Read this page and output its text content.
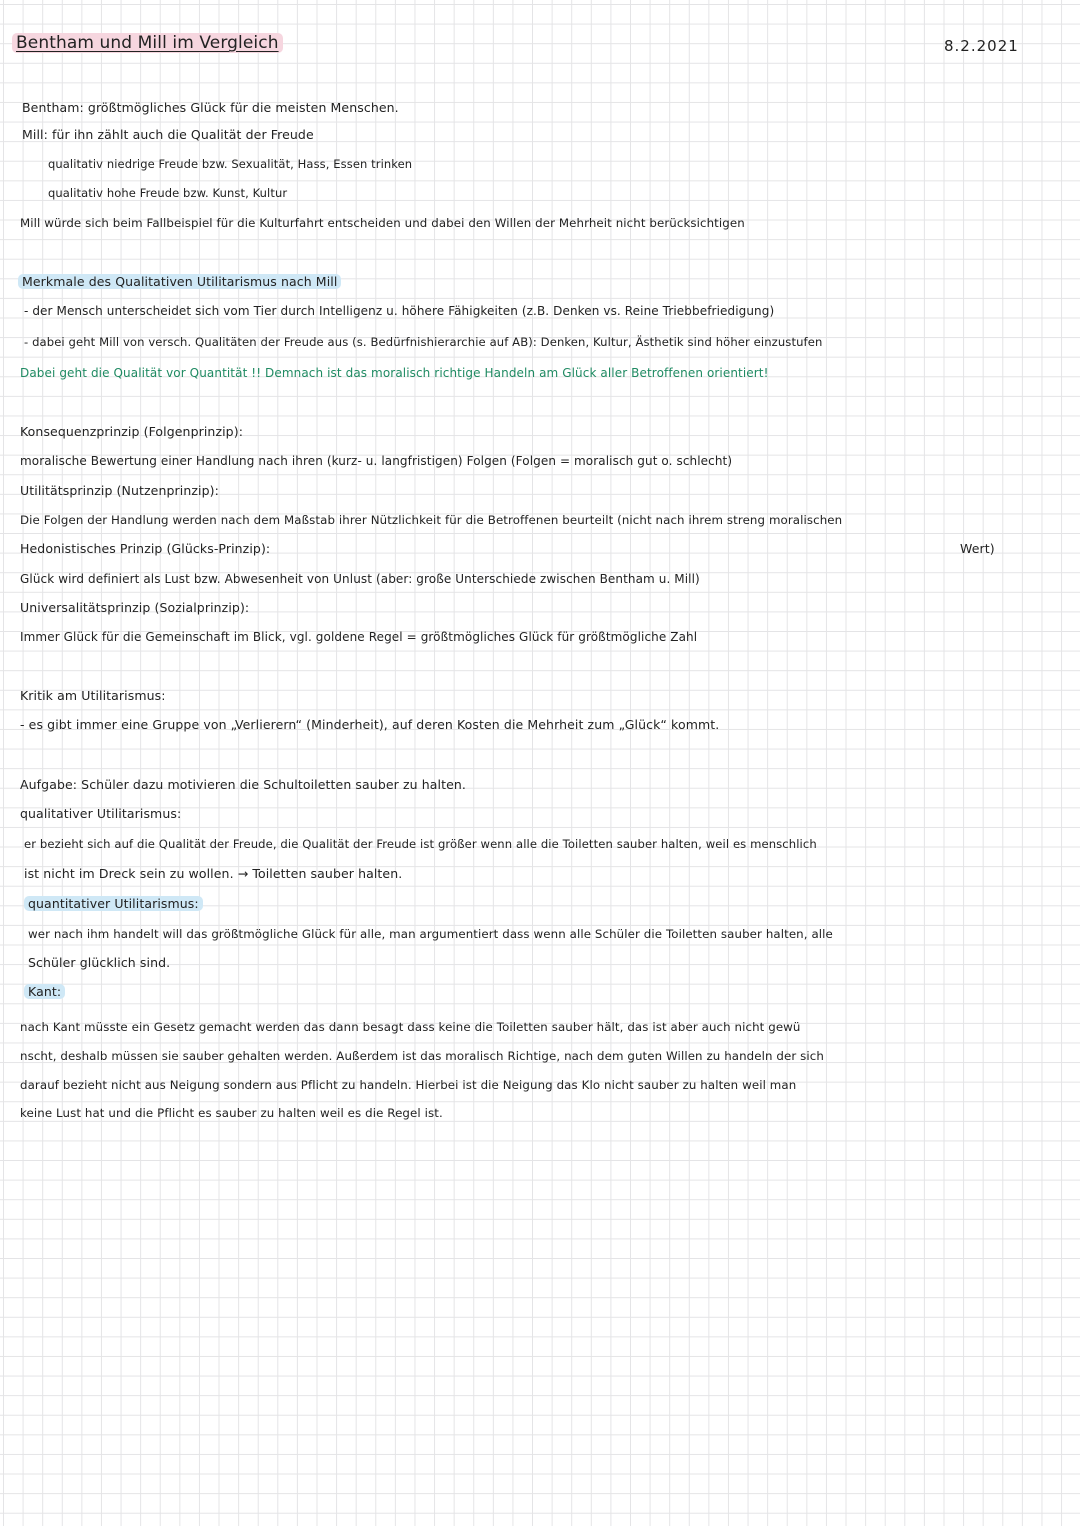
Bentham und Mill im Vergleich	8.2.2021
Bentham: größtmögliches Glück für die meisten Menschen.
Mill: für ihn zählt auch die Qualität der Freude
qualitativ niedrige Freude bzw. Sexualität, Hass, Essen trinken
qualitativ hohe Freude bzw. Kunst, Kultur
Mill würde sich beim Fallbeispiel für die Kulturfahrt entscheiden und dabei den Willen der Mehrheit nicht berücksichtigen
Merkmale des Qualitativen Utilitarismus nach Mill
- der Mensch unterscheidet sich vom Tier durch Intelligenz u. höhere Fähigkeiten (z.B. Denken vs. Reine Triebbefriedigung)
- dabei geht Mill von versch. Qualitäten der Freude aus (s. Bedürfnishierarchie auf AB): Denken, Kultur, Ästhetik sind höher einzustufen
Dabei geht die Qualität vor Quantität !! Demnach ist das moralisch richtige Handeln am Glück aller Betroffenen orientiert!
Konsequenzprinzip (Folgenprinzip):
moralische Bewertung einer Handlung nach ihren (kurz- u. langfristigen) Folgen (Folgen = moralisch gut o. schlecht)
Utilitätsprinzip (Nutzenprinzip):
Die Folgen der Handlung werden nach dem Maßstab ihrer Nützlichkeit für die Betroffenen beurteilt (nicht nach ihrem streng moralischen
Wert)
Hedonistisches Prinzip (Glücks-Prinzip):
Glück wird definiert als Lust bzw. Abwesenheit von Unlust (aber: große Unterschiede zwischen Bentham u. Mill)
Universalitätsprinzip (Sozialprinzip):
Immer Glück für die Gemeinschaft im Blick, vgl. goldene Regel = größtmögliches Glück für größtmögliche Zahl
Kritik am Utilitarismus:
- es gibt immer eine Gruppe von „Verlierern“ (Minderheit), auf deren Kosten die Mehrheit zum „Glück“ kommt.
Aufgabe: Schüler dazu motivieren die Schultoiletten sauber zu halten.
qualitativer Utilitarismus:
er bezieht sich auf die Qualität der Freude, die Qualität der Freude ist größer wenn alle die Toiletten sauber halten, weil es menschlich
ist nicht im Dreck sein zu wollen. → Toiletten sauber halten.
quantitativer Utilitarismus:
wer nach ihm handelt will das größtmögliche Glück für alle, man argumentiert dass wenn alle Schüler die Toiletten sauber halten, alle
Schüler glücklich sind.
Kant:
nach Kant müsste ein Gesetz gemacht werden das dann besagt dass keine die Toiletten sauber hält, das ist aber auch nicht gewü
nscht, deshalb müssen sie sauber gehalten werden. Außerdem ist das moralisch Richtige, nach dem guten Willen zu handeln der sich
darauf bezieht nicht aus Neigung sondern aus Pflicht zu handeln. Hierbei ist die Neigung das Klo nicht sauber zu halten weil man
keine Lust hat und die Pflicht es sauber zu halten weil es die Regel ist.
